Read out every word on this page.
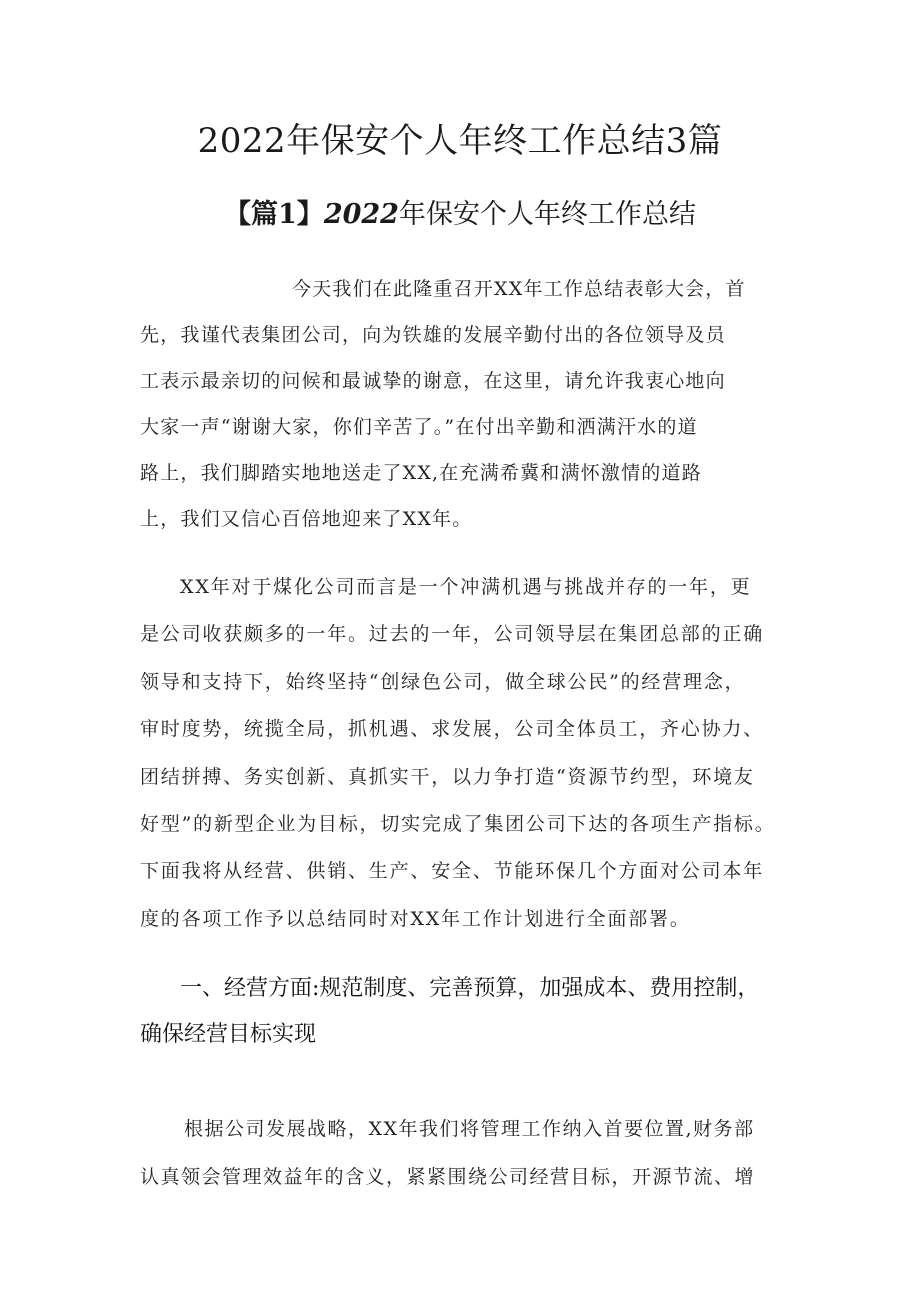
2022年保安个人年终工作总结3篇
【篇1】2022年保安个人年终工作总结

今天我们在此隆重召开XX年工作总结表彰大会，首
先，我谨代表集团公司，向为铁雄的发展辛勤付出的各位领导及员
工表示最亲切的问候和最诚挚的谢意，在这里，请允许我衷心地向
大家一声“谢谢大家，你们辛苦了。”在付出辛勤和洒满汗水的道
路上，我们脚踏实地地送走了XX,在充满希冀和满怀激情的道路
上，我们又信心百倍地迎来了XX年。

XX年对于煤化公司而言是一个冲满机遇与挑战并存的一年，更
是公司收获颇多的一年。过去的一年，公司领导层在集团总部的正确
领导和支持下，始终坚持“创绿色公司，做全球公民”的经营理念，
审时度势，统揽全局，抓机遇、求发展，公司全体员工，齐心协力、
团结拼搏、务实创新、真抓实干，以力争打造“资源节约型，环境友
好型”的新型企业为目标，切实完成了集团公司下达的各项生产指标。
下面我将从经营、供销、生产、安全、节能环保几个方面对公司本年
度的各项工作予以总结同时对XX年工作计划进行全面部署。

一、经营方面:规范制度、完善预算，加强成本、费用控制，
确保经营目标实现

根据公司发展战略，XX年我们将管理工作纳入首要位置,财务部
认真领会管理效益年的含义，紧紧围绕公司经营目标，开源节流、增
